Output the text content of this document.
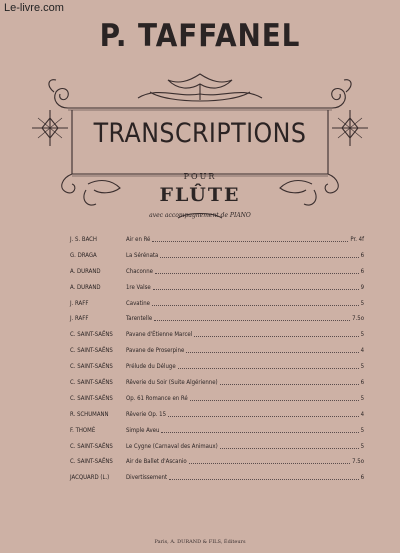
Le-livre.com
P. TAFFANEL
TRANSCRIPTIONS
POUR
FLÛTE
avec accompagnement de PIANO
J. S. BACH	Air en Ré	Pr. 4f
G. DRAGA	La Sérénata	6
A. DURAND	Chaconne	6
A. DURAND	1re Valse	9
J. RAFF	Cavatine	5
J. RAFF	Tarentelle	7.5o
C. SAINT-SAËNS	Pavane d'Étienne Marcel	5
C. SAINT-SAËNS	Pavane de Proserpine	4
C. SAINT-SAËNS	Prélude du Déluge	5
C. SAINT-SAËNS	Rêverie du Soir (Suite Algérienne)	6
C. SAINT-SAËNS	Op. 61 Romance en Ré	5
R. SCHUMANN	Rêverie Op. 15	4
F. THOMÉ	Simple Aveu	5
C. SAINT-SAËNS	Le Cygne (Carnaval des Animaux)	5
C. SAINT-SAËNS	Air de Ballet d'Ascanio	7.5o
JACQUARD (L.)	Divertissement	6
Paris, A. DURAND & FILS, Éditeurs
